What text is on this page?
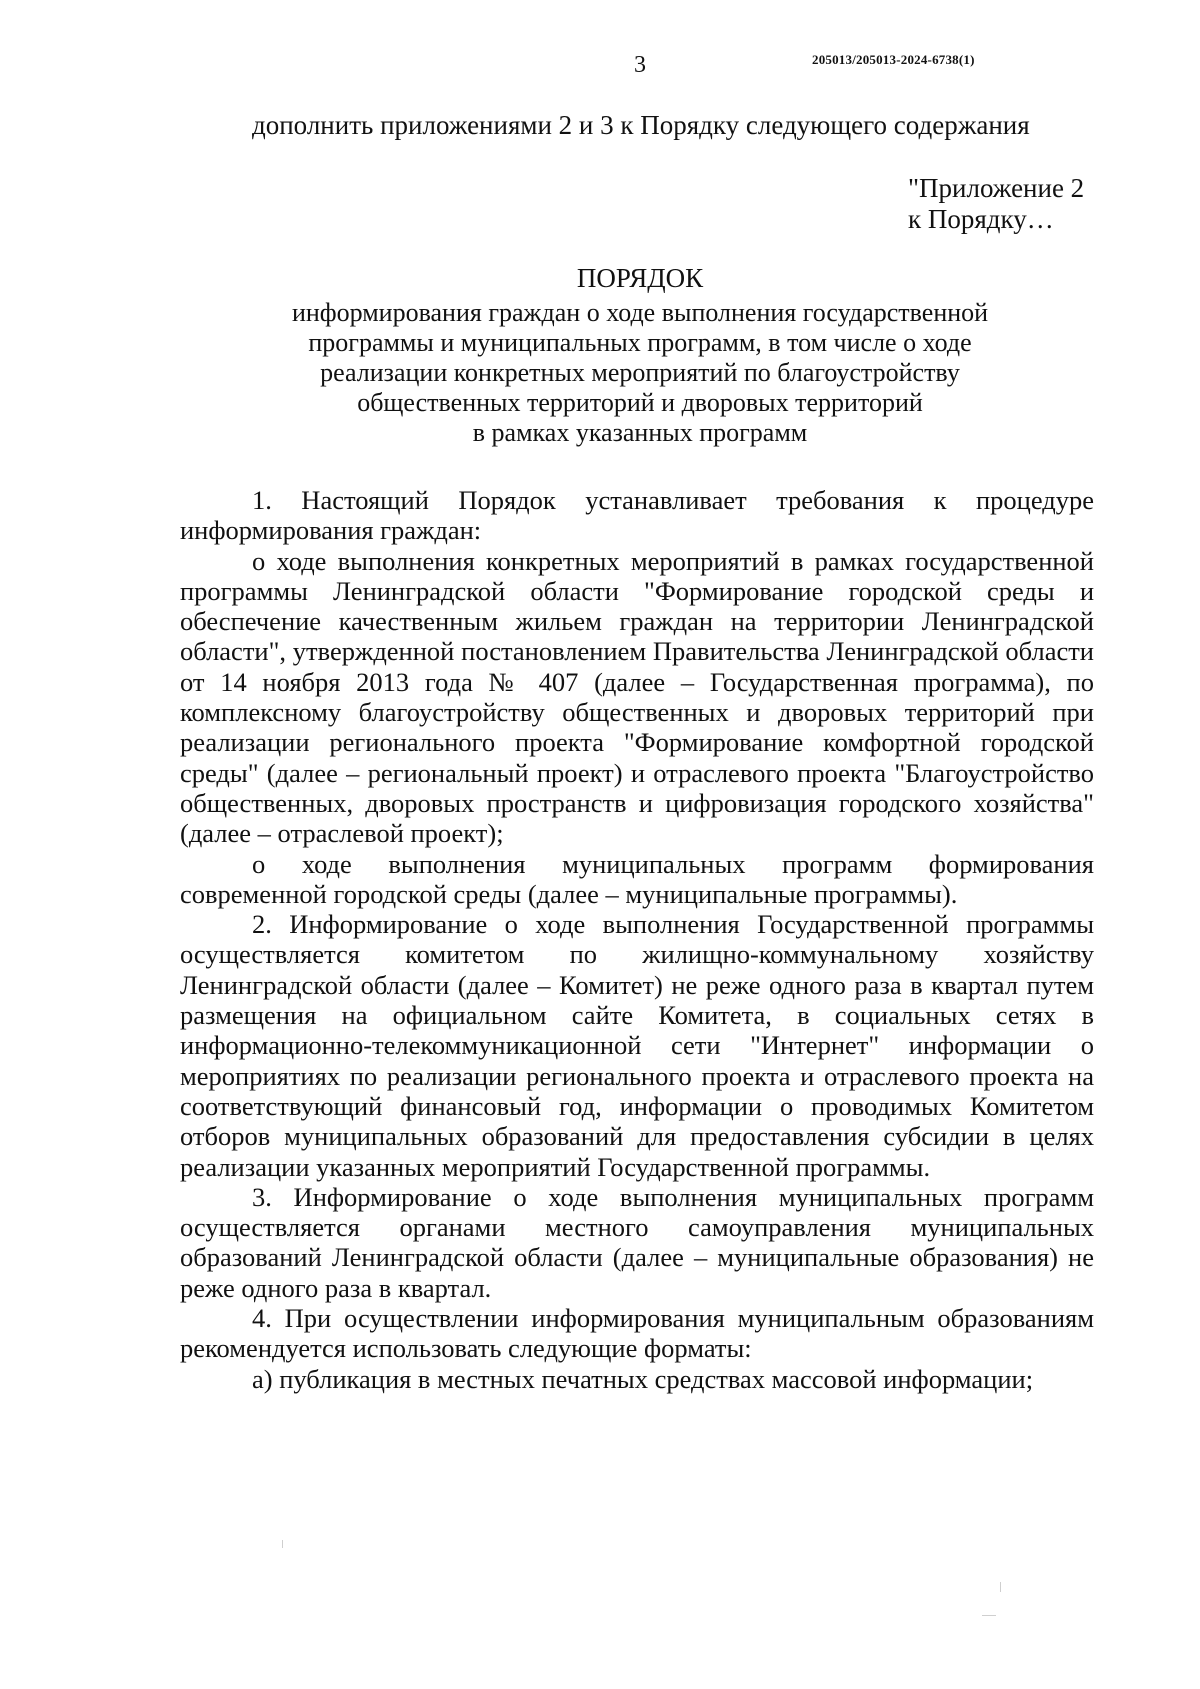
3	205013/205013-2024-6738(1)
дополнить приложениями 2 и 3 к Порядку следующего содержания
"Приложение 2
к Порядку…
ПОРЯДОК
информирования граждан о ходе выполнения государственной
программы и муниципальных программ, в том числе о ходе
реализации конкретных мероприятий по благоустройству
общественных территорий и дворовых территорий
в рамках указанных программ

1. Настоящий Порядок устанавливает требования к процедуре информирования граждан:

о ходе выполнения конкретных мероприятий в рамках государственной программы Ленинградской области "Формирование городской среды и обеспечение качественным жильем граждан на территории Ленинградской области", утвержденной постановлением Правительства Ленинградской области от 14 ноября 2013 года № 407 (далее – Государственная программа), по комплексному благоустройству общественных и дворовых территорий при реализации регионального проекта "Формирование комфортной городской среды" (далее – региональный проект) и отраслевого проекта "Благоустройство общественных, дворовых пространств и цифровизация городского хозяйства" (далее – отраслевой проект);

о ходе выполнения муниципальных программ формирования современной городской среды (далее – муниципальные программы).

2. Информирование о ходе выполнения Государственной программы осуществляется комитетом по жилищно-коммунальному хозяйству Ленинградской области (далее – Комитет) не реже одного раза в квартал путем размещения на официальном сайте Комитета, в социальных сетях в информационно-телекоммуникационной сети "Интернет" информации о мероприятиях по реализации регионального проекта и отраслевого проекта на соответствующий финансовый год, информации о проводимых Комитетом отборов муниципальных образований для предоставления субсидии в целях реализации указанных мероприятий Государственной программы.

3. Информирование о ходе выполнения муниципальных программ осуществляется органами местного самоуправления муниципальных образований Ленинградской области (далее – муниципальные образования) не реже одного раза в квартал.

4. При осуществлении информирования муниципальным образованиям рекомендуется использовать следующие форматы:

а) публикация в местных печатных средствах массовой информации;
